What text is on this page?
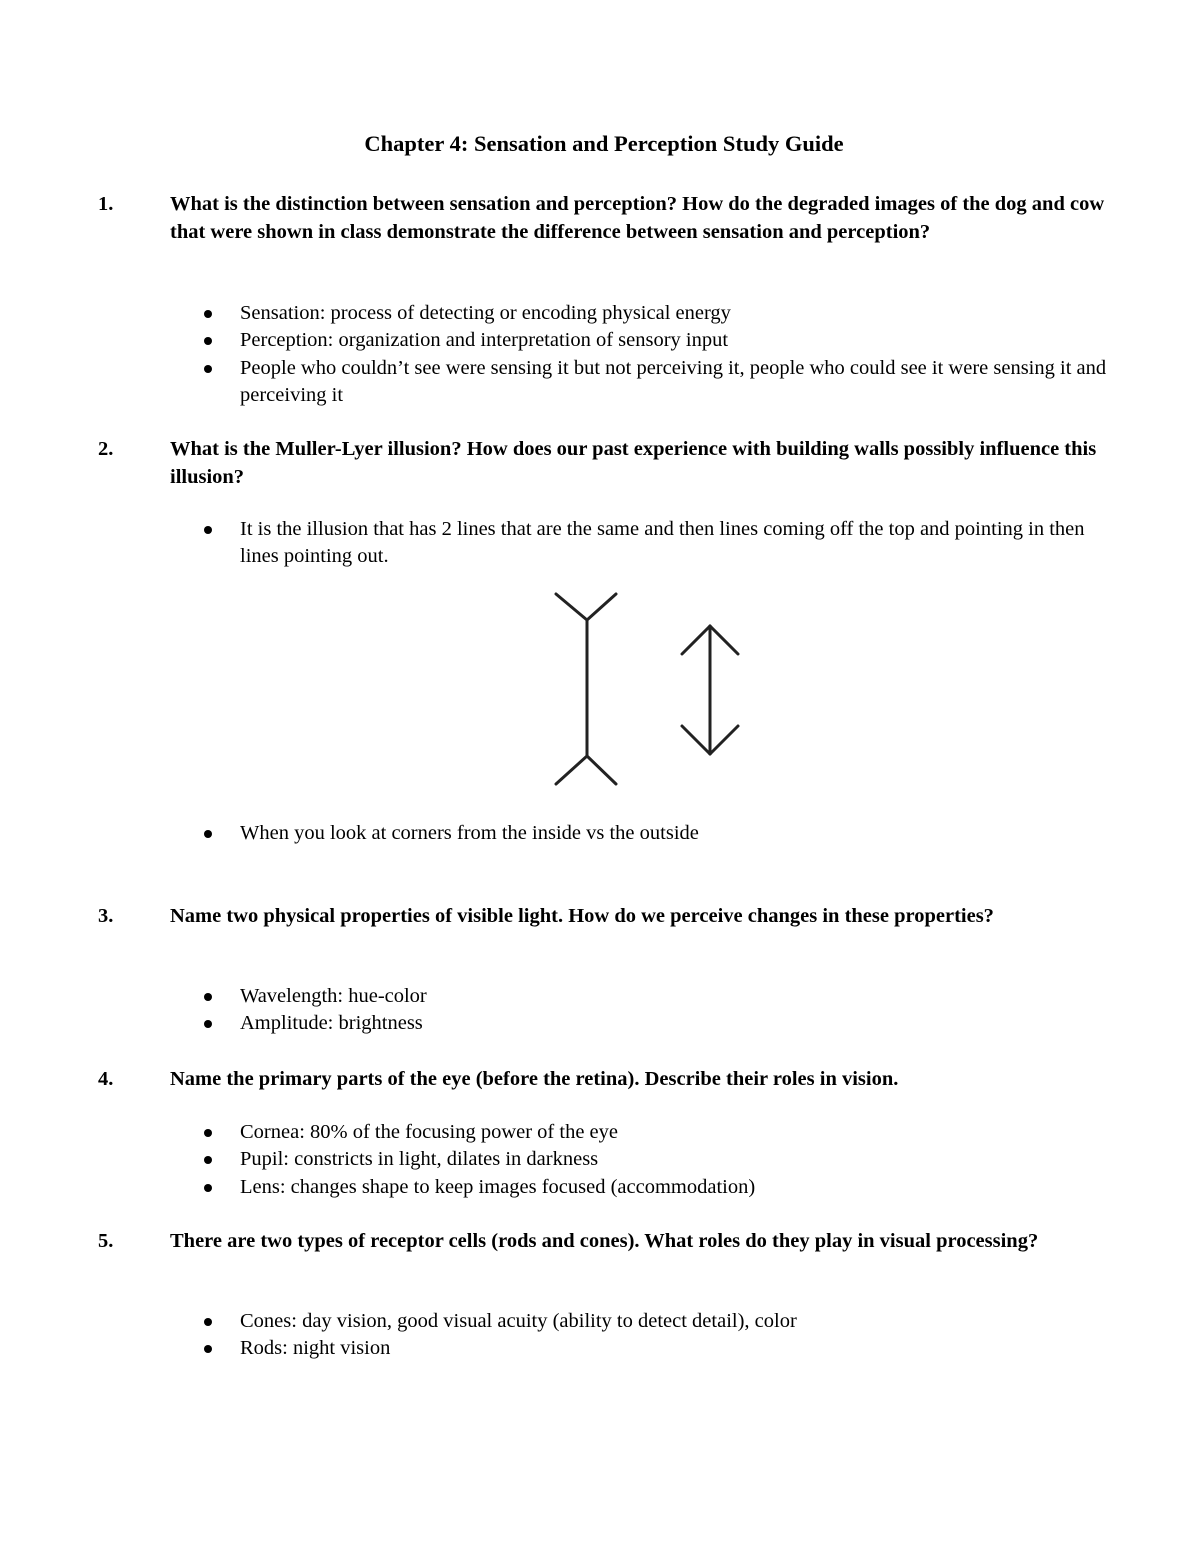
Chapter 4: Sensation and Perception Study Guide
1.	What is the distinction between sensation and perception? How do the degraded images of the dog and cow that were shown in class demonstrate the difference between sensation and perception?
Sensation: process of detecting or encoding physical energy
Perception: organization and interpretation of sensory input
People who couldn’t see were sensing it but not perceiving it, people who could see it were sensing it and perceiving it
2.	What is the Muller-Lyer illusion? How does our past experience with building walls possibly influence this illusion?
It is the illusion that has 2 lines that are the same and then lines coming off the top and pointing in then lines pointing out.
When you look at corners from the inside vs the outside
3.	Name two physical properties of visible light. How do we perceive changes in these properties?
Wavelength: hue-color
Amplitude: brightness
4.	Name the primary parts of the eye (before the retina). Describe their roles in vision.
Cornea: 80% of the focusing power of the eye
Pupil: constricts in light, dilates in darkness
Lens: changes shape to keep images focused (accommodation)
5.	There are two types of receptor cells (rods and cones). What roles do they play in visual processing?
Cones: day vision, good visual acuity (ability to detect detail), color
Rods: night vision
